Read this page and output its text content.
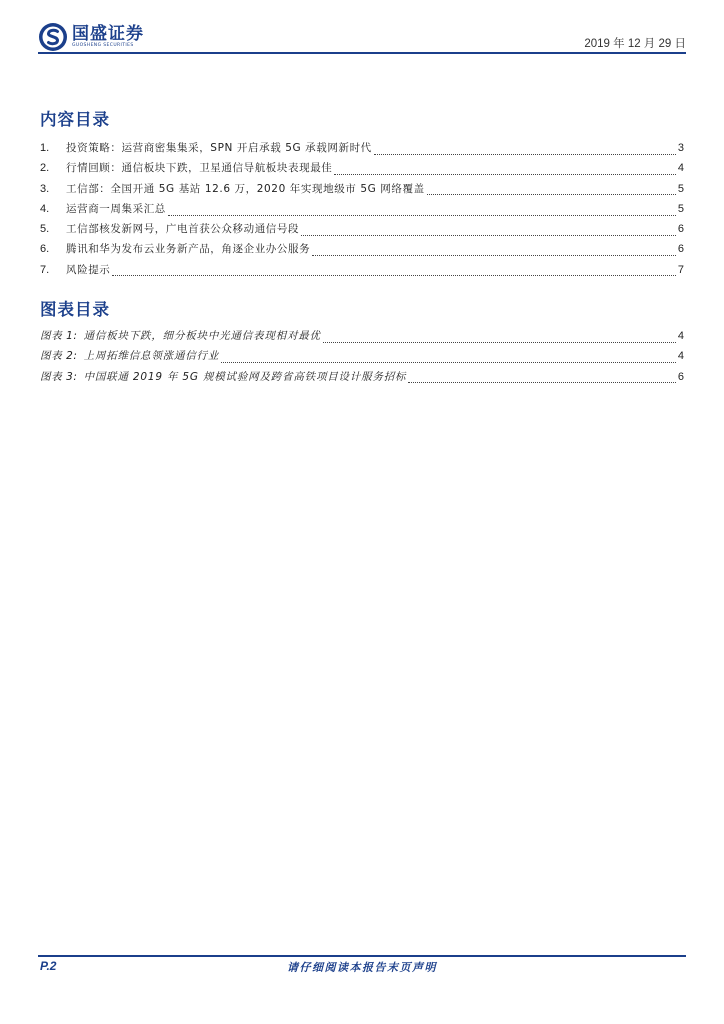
国盛证券
GUOSHENG SECURITIES	2019 年 12 月 29 日
内容目录
1.	投资策略：运营商密集集采，SPN 开启承载 5G 承载网新时代	3
2.	行情回顾：通信板块下跌，卫星通信导航板块表现最佳	4
3.	工信部：全国开通 5G 基站 12.6 万，2020 年实现地级市 5G 网络覆盖	5
4.	运营商一周集采汇总	5
5.	工信部核发新网号，广电首获公众移动通信号段	6
6.	腾讯和华为发布云业务新产品，角逐企业办公服务	6
7.	风险提示	7
图表目录
图表 1: 通信板块下跌，细分板块中光通信表现相对最优	4
图表 2: 上周拓维信息领涨通信行业	4
图表 3: 中国联通 2019 年 5G 规模试验网及跨省高铁项目设计服务招标	6
P.2	请仔细阅读本报告末页声明
